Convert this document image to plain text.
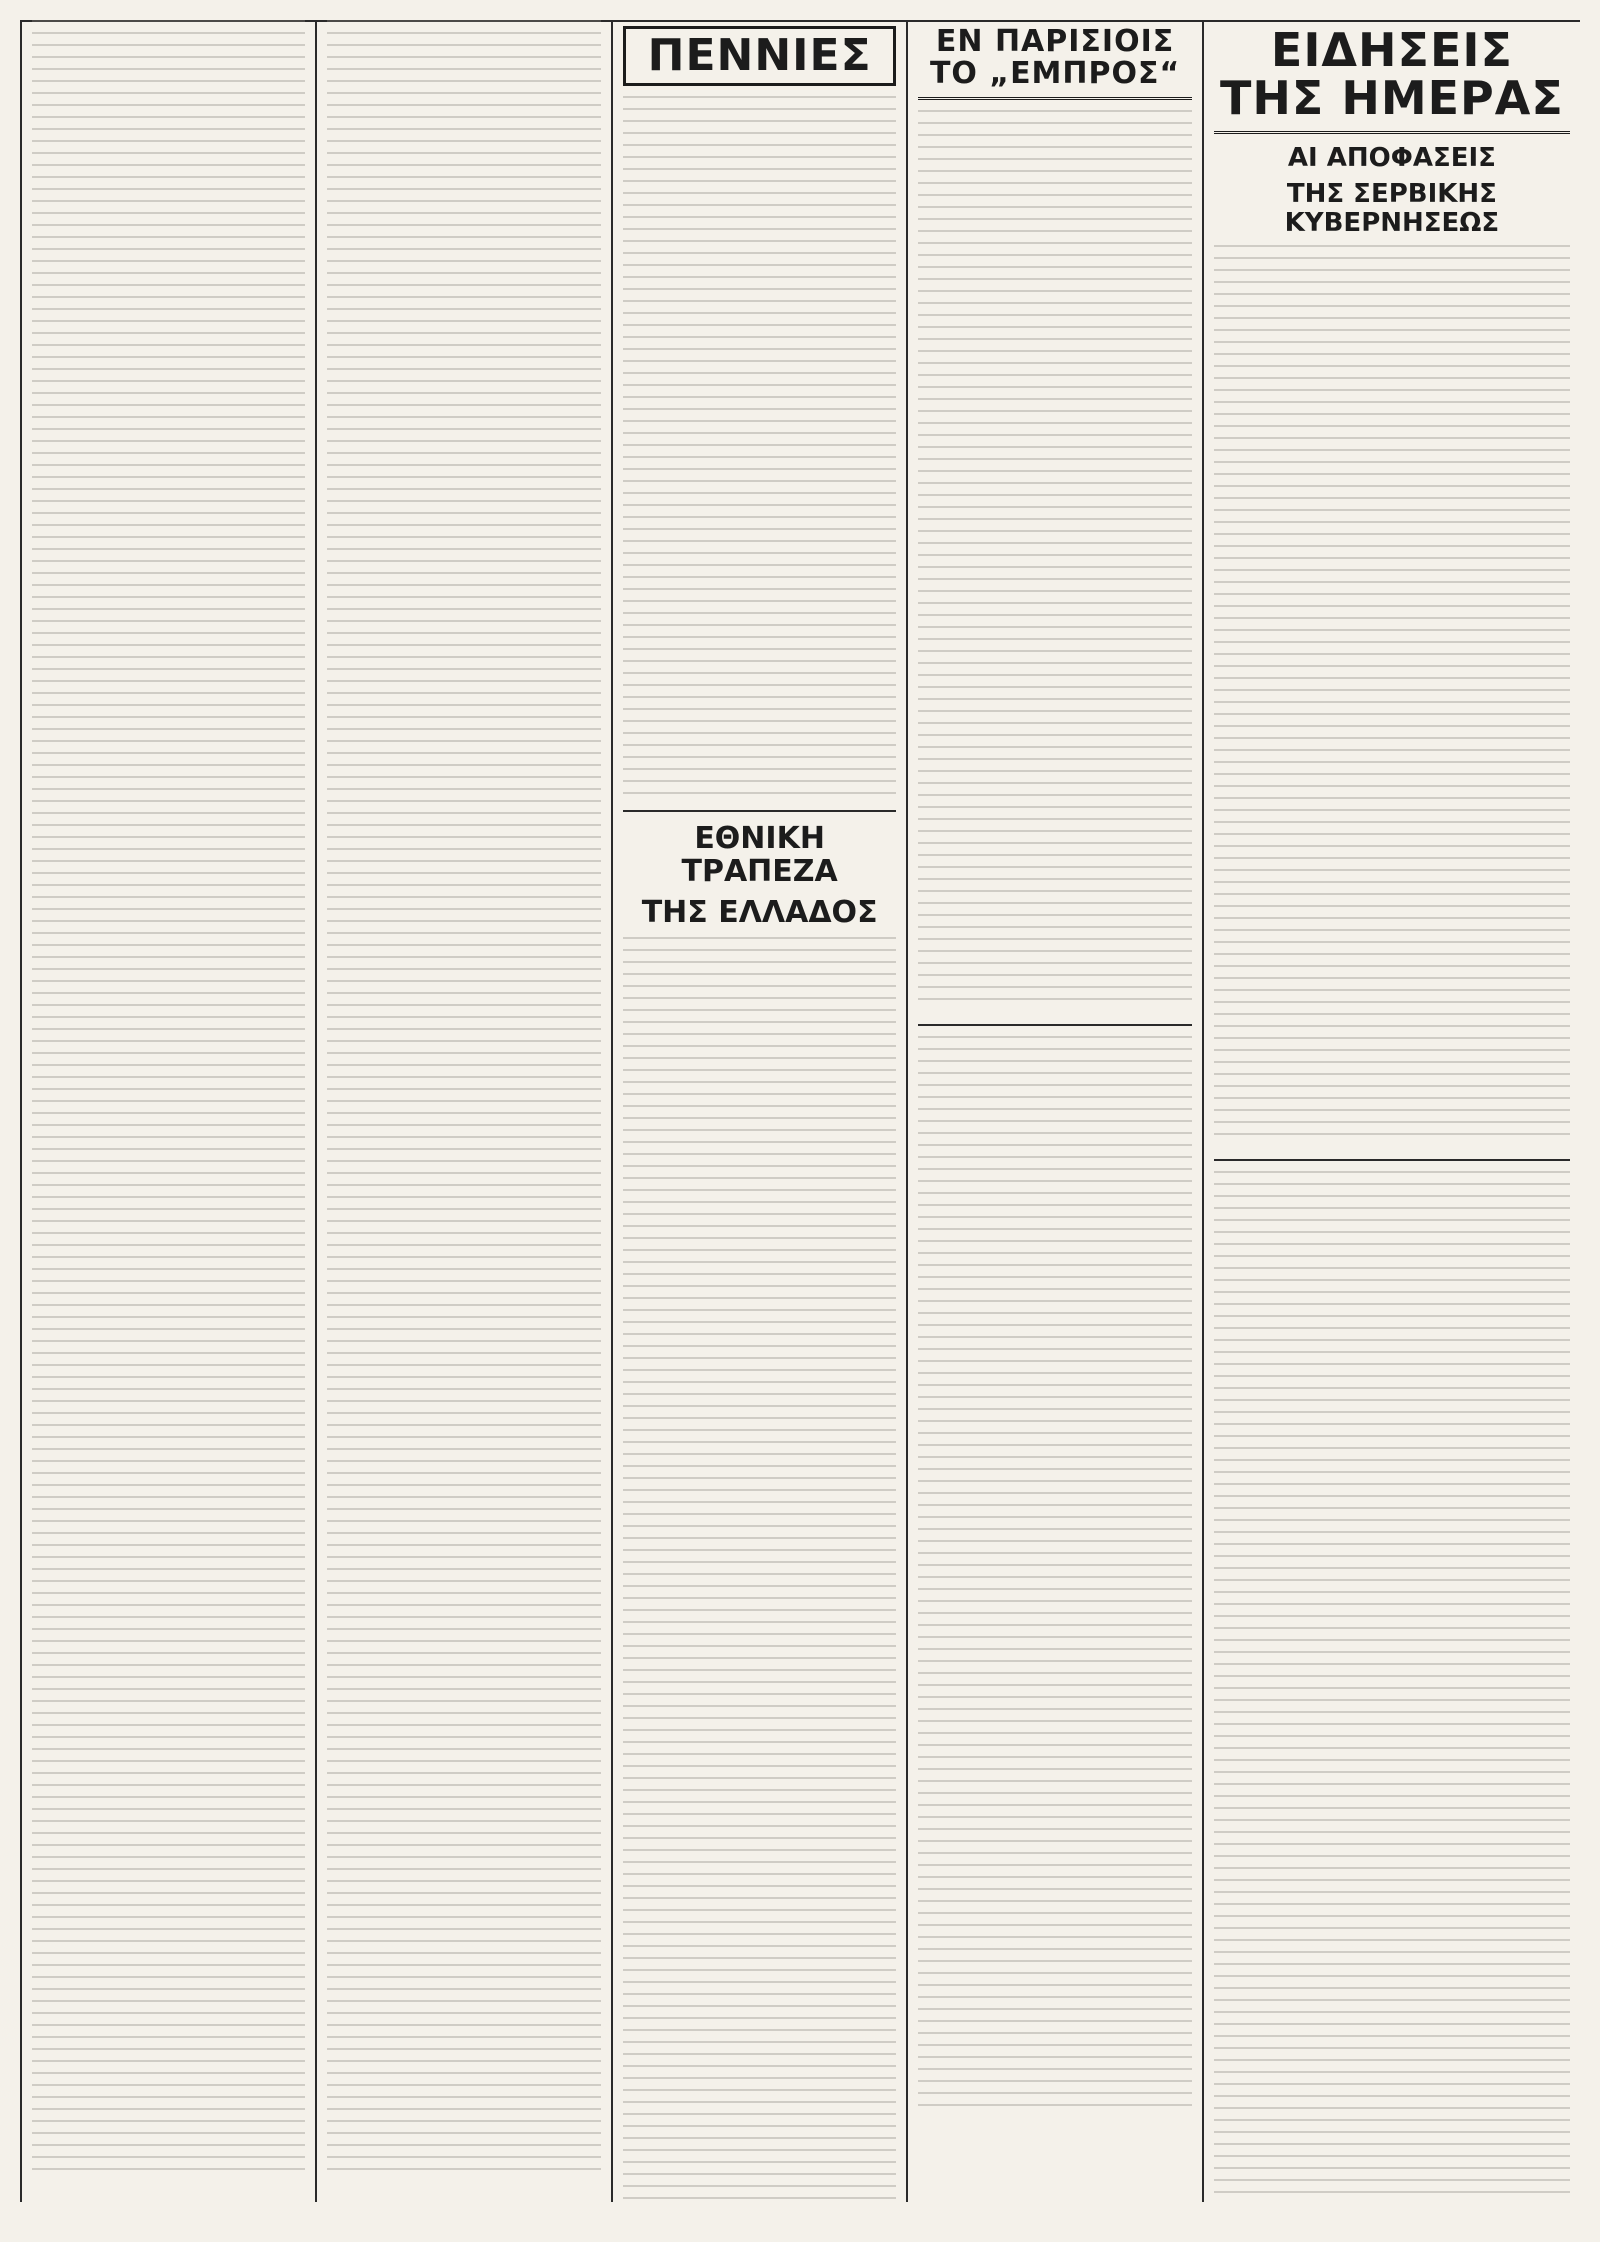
ΠΕΝΝΙΕΣ
ΕΘΝΙΚΗ ΤΡΑΠΕΖΑ
ΤΗΣ ΕΛΛΑΔΟΣ
ΕΝ ΠΑΡΙΣΙΟΙΣ ΤΟ „ΕΜΠΡΟΣ“	ΕΙΔΗΣΕΙΣ ΤΗΣ ΗΜΕΡΑΣ
ΑΙ ΑΠΟΦΑΣΕΙΣ
ΤΗΣ ΣΕΡΒΙΚΗΣ ΚΥΒΕΡΝΗΣΕΩΣ
